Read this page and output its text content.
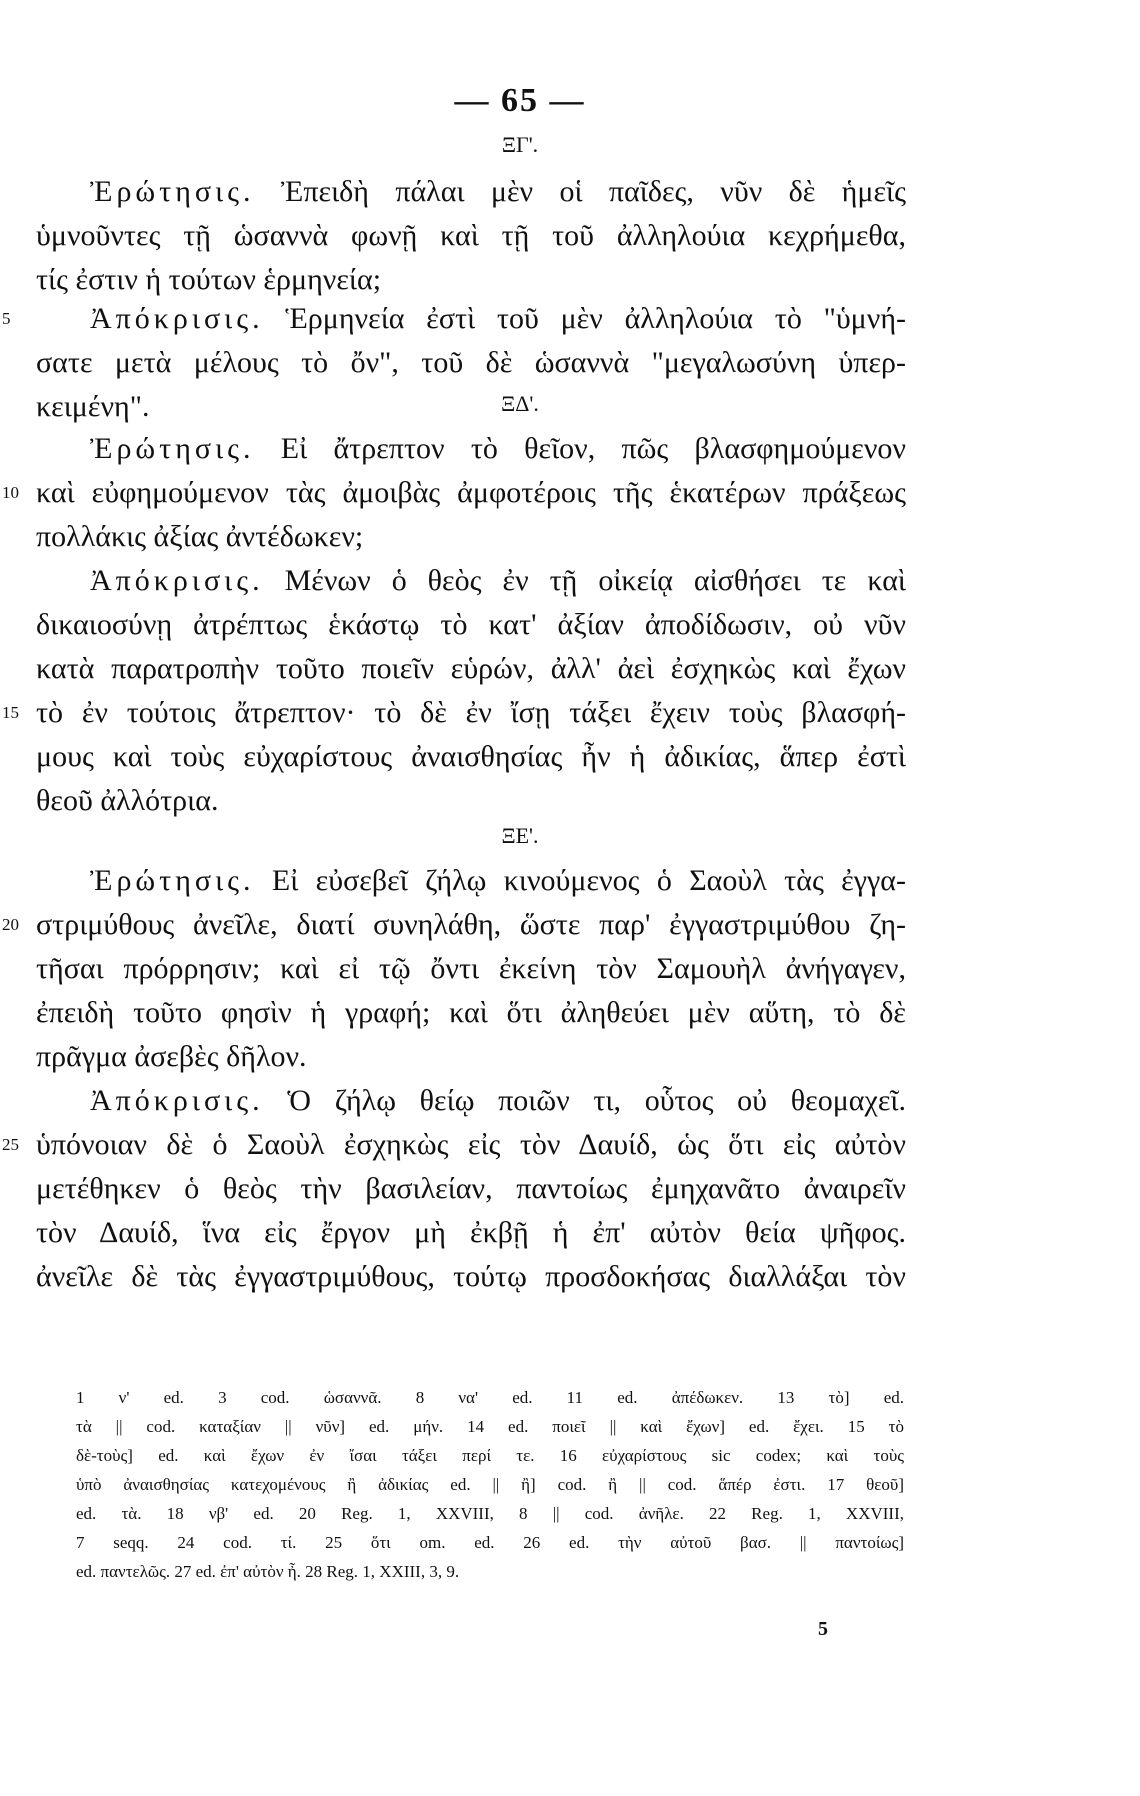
— 65 —
ΞΓ'.
Ἐρώτησις. Ἐπειδὴ πάλαι μὲν οἱ παῖδες, νῦν δὲ ἡμεῖς
ὑμνοῦντες τῇ ὡσαννὰ φωνῇ καὶ τῇ τοῦ ἀλληλούια κεχρήμεθα,
τίς ἐστιν ἡ τούτων ἑρμηνεία;
5	Ἀπόκρισις. Ἑρμηνεία ἐστὶ τοῦ μὲν ἀλληλούια τὸ "ὑμνή-
σατε μετὰ μέλους τὸ ὄν", τοῦ δὲ ὡσαννὰ "μεγαλωσύνη ὑπερ-
κειμένη".	ΞΔ'.
Ἐρώτησις. Εἰ ἄτρεπτον τὸ θεῖον, πῶς βλασφημούμενον
10 καὶ εὐφημούμενον τὰς ἀμοιβὰς ἀμφοτέροις τῆς ἑκατέρων πράξεως
πολλάκις ἀξίας ἀντέδωκεν;
Ἀπόκρισις. Μένων ὁ θεὸς ἐν τῇ οἰκείᾳ αἰσθήσει τε καὶ
δικαιοσύνῃ ἀτρέπτως ἑκάστῳ τὸ κατ' ἀξίαν ἀποδίδωσιν, οὐ νῦν
κατὰ παρατροπὴν τοῦτο ποιεῖν εὑρών, ἀλλ' ἀεὶ ἐσχηκὼς καὶ ἔχων
15 τὸ ἐν τούτοις ἄτρεπτον· τὸ δὲ ἐν ἴσῃ τάξει ἔχειν τοὺς βλασφή-
μους καὶ τοὺς εὐχαρίστους ἀναισθησίας ἦν ἡ ἀδικίας, ἅπερ ἐστὶ
θεοῦ ἀλλότρια.
ΞΕ'.
Ἐρώτησις. Εἰ εὐσεβεῖ ζήλῳ κινούμενος ὁ Σαοὺλ τὰς ἐγγα-
20 στριμύθους ἀνεῖλε, διατί συνηλάθη, ὥστε παρ' ἐγγαστριμύθου ζη-
τῆσαι πρόρρησιν; καὶ εἰ τῷ ὄντι ἐκείνη τὸν Σαμουὴλ ἀνήγαγεν,
ἐπειδὴ τοῦτο φησὶν ἡ γραφή; καὶ ὅτι ἀληθεύει μὲν αὕτη, τὸ δὲ
πρᾶγμα ἀσεβὲς δῆλον.
Ἀπόκρισις. Ὁ ζήλῳ θείῳ ποιῶν τι, οὗτος οὐ θεομαχεῖ.
25 ὑπόνοιαν δὲ ὁ Σαοὺλ ἐσχηκὼς εἰς τὸν Δαυίδ, ὡς ὅτι εἰς αὐτὸν
μετέθηκεν ὁ θεὸς τὴν βασιλείαν, παντοίως ἐμηχανᾶτο ἀναιρεῖν
τὸν Δαυίδ, ἵνα εἰς ἔργον μὴ ἐκβῇ ἡ ἐπ' αὐτὸν θεία ψῆφος.
ἀνεῖλε δὲ τὰς ἐγγαστριμύθους, τούτῳ προσδοκήσας διαλλάξαι τὸν
1 ν' ed. 3 cod. ὡσαννᾶ. 8 να' ed. 11 ed. ἀπέδωκεν. 13 τὸ] ed.
τὰ || cod. καταξίαν || νῦν] ed. μήν. 14 ed. ποιεῖ || καὶ ἔχων] ed. ἔχει. 15 τὸ
δὲ-τοὺς] ed. καὶ ἔχων ἐν ἴσαι τάξει περί τε. 16 εὐχαρίστους sic codex; καὶ τοὺς
ὑπὸ ἀναισθησίας κατεχομένους ἢ ἀδικίας ed. || ἢ] cod. ἢ || cod. ἅπέρ ἐστι. 17 θεοῦ]
ed. τὰ. 18 νβ' ed. 20 Reg. 1, XXVIII, 8 || cod. ἀνῆλε. 22 Reg. 1, XXVIII,
7 seqq. 24 cod. τί. 25 ὅτι om. ed. 26 ed. τὴν αὐτοῦ βασ. || παντοίως]
ed. παντελῶς. 27 ed. ἐπ' αὐτὸν ἦ. 28 Reg. 1, XXIII, 3, 9.
5
